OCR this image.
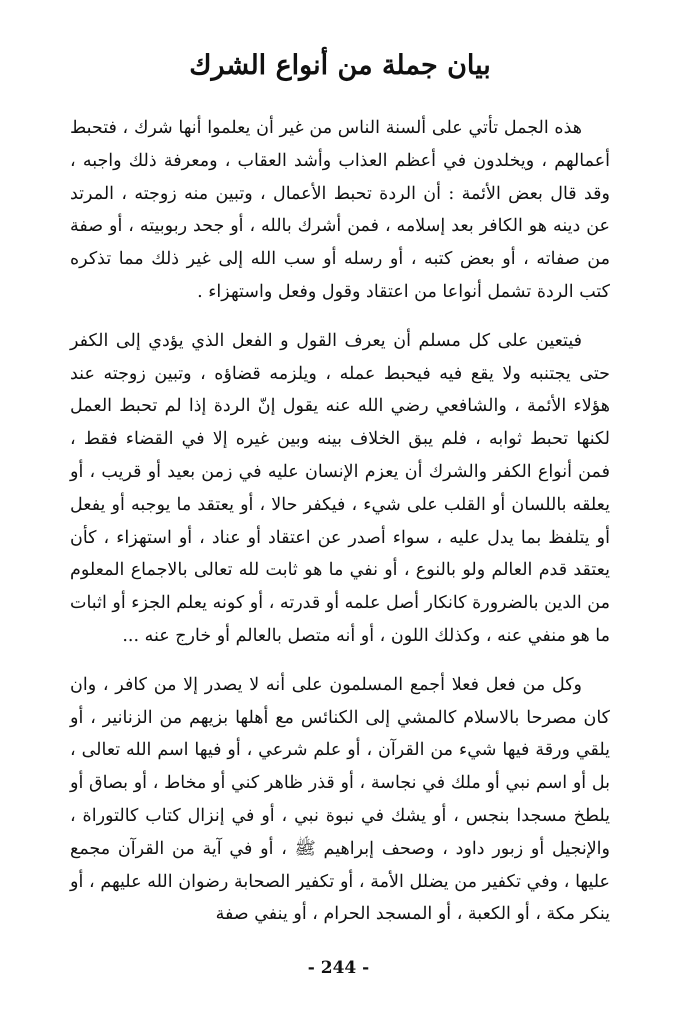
بيان جملة من أنواع الشرك

هذه الجمل تأتي على ألسنة الناس من غير أن يعلموا أنها شرك ، فتحبط أعمالهم ، ويخلدون في أعظم العذاب وأشد العقاب ، ومعرفة ذلك واجبه ، وقد قال بعض الأئمة : أن الردة تحبط الأعمال ، وتبين منه زوجته ، المرتد عن دينه هو الكافر بعد إسلامه ، فمن أشرك بالله ، أو جحد ربوبيته ، أو صفة من صفاته ، أو بعض كتبه ، أو رسله أو سب الله إلى غير ذلك مما تذكره كتب الردة تشمل أنواعا من اعتقاد وقول وفعل واستهزاء .

فيتعين على كل مسلم أن يعرف القول و الفعل الذي يؤدي إلى الكفر حتى يجتنبه ولا يقع فيه فيحبط عمله ، ويلزمه قضاؤه ، وتبين زوجته عند هؤلاء الأئمة ، والشافعي رضي الله عنه يقول إنّ الردة إذا لم تحبط العمل لكنها تحبط ثوابه ، فلم يبق الخلاف بينه وبين غيره إلا في القضاء فقط ، فمن أنواع الكفر والشرك أن يعزم الإنسان عليه في زمن بعيد أو قريب ، أو يعلقه باللسان أو القلب على شيء ، فيكفر حالا ، أو يعتقد ما يوجبه أو يفعل أو يتلفظ بما يدل عليه ، سواء أصدر عن اعتقاد أو عناد ، أو استهزاء ، كأن يعتقد قدم العالم ولو بالنوع ، أو نفي ما هو ثابت لله تعالى بالاجماع المعلوم من الدين بالضرورة كانكار أصل علمه أو قدرته ، أو كونه يعلم الجزء أو اثبات ما هو منفي عنه ، وكذلك اللون ، أو أنه متصل بالعالم أو خارج عنه ...

وكل من فعل فعلا أجمع المسلمون على أنه لا يصدر إلا من كافر ، وان كان مصرحا بالاسلام كالمشي إلى الكنائس مع أهلها بزيهم من الزنانير ، أو يلقي ورقة فيها شيء من القرآن ، أو علم شرعي ، أو فيها اسم الله تعالى ، بل أو اسم نبي أو ملك في نجاسة ، أو قذر ظاهر كني أو مخاط ، أو بصاق أو يلطخ مسجدا بنجس ، أو يشك في نبوة نبي ، أو في إنزال كتاب كالتوراة ، والإنجيل أو زبور داود ، وصحف إبراهيم ﷺ ، أو في آية من القرآن مجمع عليها ، وفي تكفير من يضلل الأمة ، أو تكفير الصحابة رضوان الله عليهم ، أو ينكر مكة ، أو الكعبة ، أو المسجد الحرام ، أو ينفي صفة

- 244 -
